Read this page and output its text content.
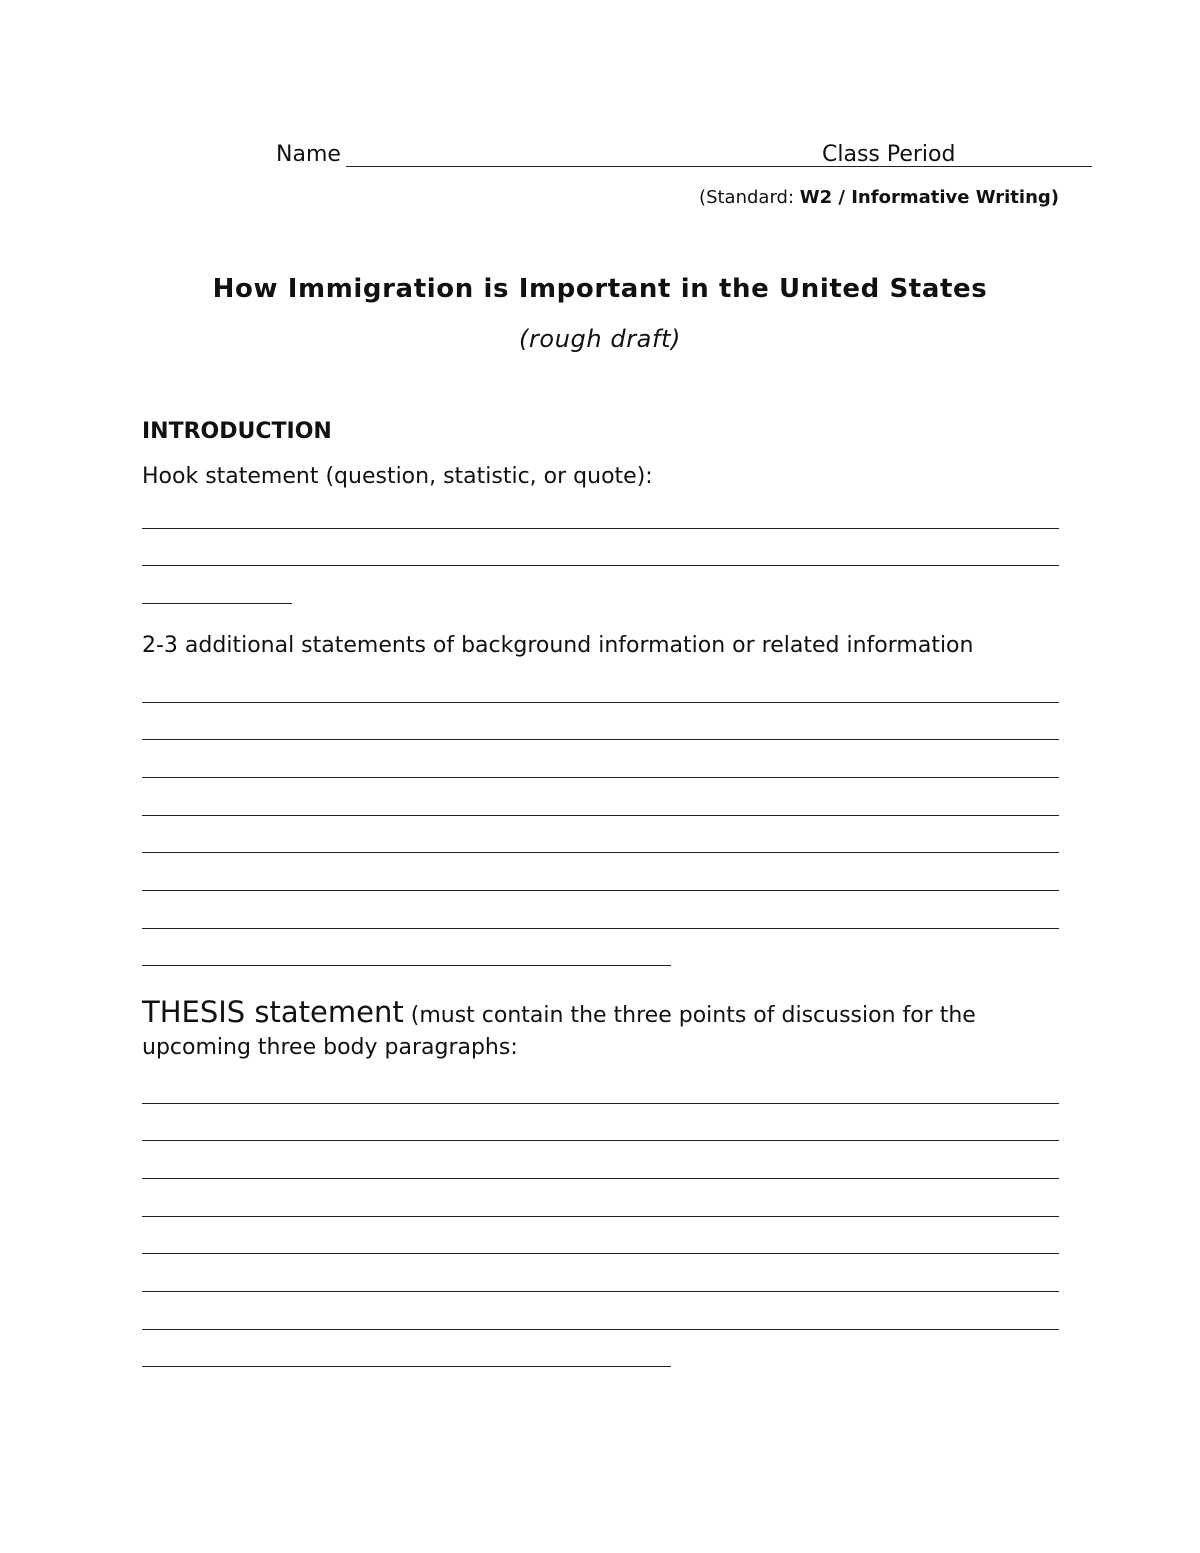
Name	Class Period
(Standard: W2 / Informative Writing)
How Immigration is Important in the United States
(rough draft)
INTRODUCTION
Hook statement (question, statistic, or quote):
2-3 additional statements of background information or related information
THESIS statement (must contain the three points of discussion for the upcoming three body paragraphs:
